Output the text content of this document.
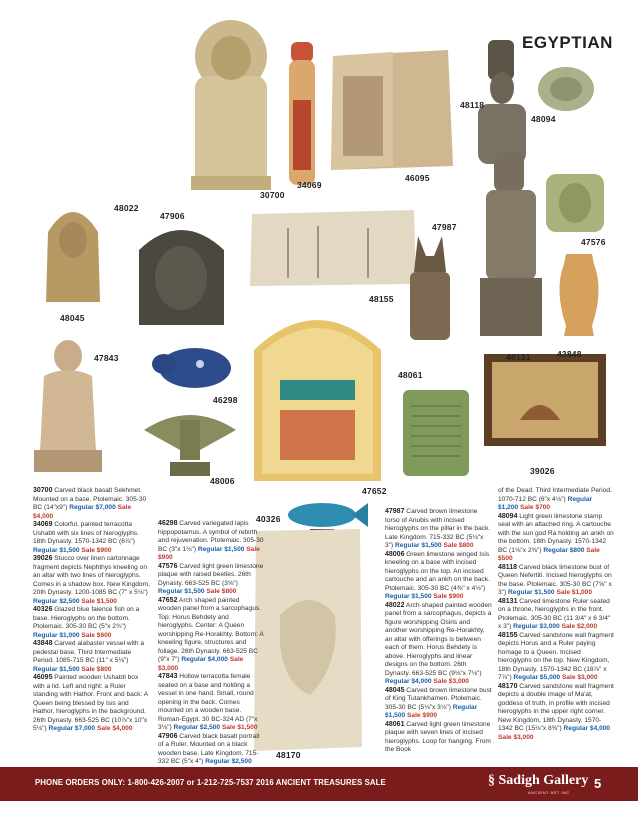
EGYPTIAN
30700
34069
46095
48118
48094
48022
47906
47987
47576
48045
48155
48131	43848
47843
46298
48061
39026
48006
47652
40326
48170

30700 Carved black basalt Sekhmet. Mounted on a base. Ptolemaic. 305-30 BC (14"x9") Regular $7,000 Sale $4,000

34069 Colorful, painted terracotta Ushabti with six lines of hieroglyphs. 18th Dynasty. 1570-1342 BC (6⅞") Regular $1,500 Sale $900

39026 Stucco over linen cartonnage fragment depicts Nephthys kneeling on an altar with two lines of hieroglyphs. Comes in a shadow box. New Kingdom, 20th Dynasty. 1200-1085 BC (7" x 5⅛") Regular $2,500 Sale $1,500

40326 Glazed blue faience fish on a base. Hieroglyphs on the bottom. Ptolemaic. 305-30 BC (5"x 2¾") Regular $1,000 Sale $600

43848 Carved alabaster vessel with a pedestal base. Third Intermediate Period. 1085-715 BC (11" x 5⅛") Regular $1,500 Sale $800

46095 Painted wooden Ushabti box with a lid. Left and right: a Ruler standing with Hathor. Front and back: A Queen being blessed by Isis and Hathor, hieroglyphs in the background. 26th Dynasty. 663-525 BC (10⅞"x 10"x 5⅛") Regular $7,000 Sale $4,000

46298 Carved variegated lapis hippopotamus. A symbol of rebirth and rejuvenation. Ptolemaic. 305-30 BC (3"x 1⅛") Regular $1,500 Sale $900

47576 Carved light green limestone plaque with raised beetles. 26th Dynasty. 663-525 BC (3⅝") Regular $1,500 Sale $800

47652 Arch shaped painted wooden panel from a sarcophagus. Top: Horus Behdety and hieroglyphs. Center: A Queen worshipping Re-Horakhty. Bottom: A kneeling figure, structures and foliage. 26th Dynasty. 663-525 BC (9"x 7") Regular $4,000 Sale $3,000

47843 Hollow terracotta female seated on a base and holding a vessel in one hand. Small, round opening in the back. Comes mounted on a wooden base. Roman-Egypt. 30 BC-324 AD (7"x 3⅛") Regular $2,500 Sale $1,500

47906 Carved black basalt portrait of a Ruler. Mounted on a black wooden base. Late Kingdom. 715-332 BC (5"x 4") Regular $2,500

47987 Carved brown limestone torso of Anubis with incised hieroglyphs on the pillar in the back. Late Kingdom. 715-332 BC (5⅛"x 3") Regular $1,500 Sale $800

48006 Green limestone winged Isis kneeling on a base with incised hieroglyphs on the top. An incised cartouche and an ankh on the back. Ptolemaic. 305-30 BC (4⅜" x 4⅛") Regular $1,500 Sale $900

48022 Arch-shaped painted wooden panel from a sarcophagus, depicts a figure worshipping Osiris and another worshipping Re-Horakhty, an altar with offerings is between each of them. Horus Behdety is above. Hieroglyphs and linear designs on the bottom. 26th Dynasty. 663-525 BC (9⅛"x 7⅛") Regular $4,000 Sale $3,000

48045 Carved brown limestone bust of King Tutankhamen. Ptolemaic. 305-30 BC (5⅛"x 3⅛") Regular $1,500 Sale $900

48061 Carved light green limestone plaque with seven lines of incised hieroglyphs. Loop for hanging. From the Book

of the Dead. Third Intermediate Period. 1070-712 BC (6"x 4⅛") Regular $1,200 Sale $700

48094 Light green limestone stamp seal with an attached ring. A cartouche with the sun god Ra holding an ankh on the bottom. 18th Dynasty. 1570-1342 BC (1⅛"x 2⅜") Regular $800 Sale $500

48118 Carved black limestone bust of Queen Nefertiti. Incised hieroglyphs on the base. Ptolemaic. 305-30 BC (7⅝" x 3") Regular $1,500 Sale $1,000

48131 Carved limestone Ruler seated on a throne, hieroglyphs in the front. Ptolemaic. 305-30 BC (11 3/4" x 6 3/4" x 3") Regular $3,000 Sale $2,000

48155 Carved sandstone wall fragment depicts Horus and a Ruler paying homage to a Queen. Incised hieroglyphs on the top. New Kingdom, 18th Dynasty. 1570-1342 BC (18⅞" x 7⅞") Regular $5,000 Sale $3,000

48170 Carved sandstone wall fragment depicts a double image of Ma'at, goddess of truth, in profile with incised hieroglyphs in the upper right corner. New Kingdom, 18th Dynasty. 1570-1342 BC (15⅛"x 8⅜") Regular $4,000 Sale $3,000

PHONE ORDERS ONLY: 1-800-426-2007 or 1-212-725-7537 2016 ANCIENT TREASURES SALE	§ Sadigh Gallery
ANCIENT ART INC
5
